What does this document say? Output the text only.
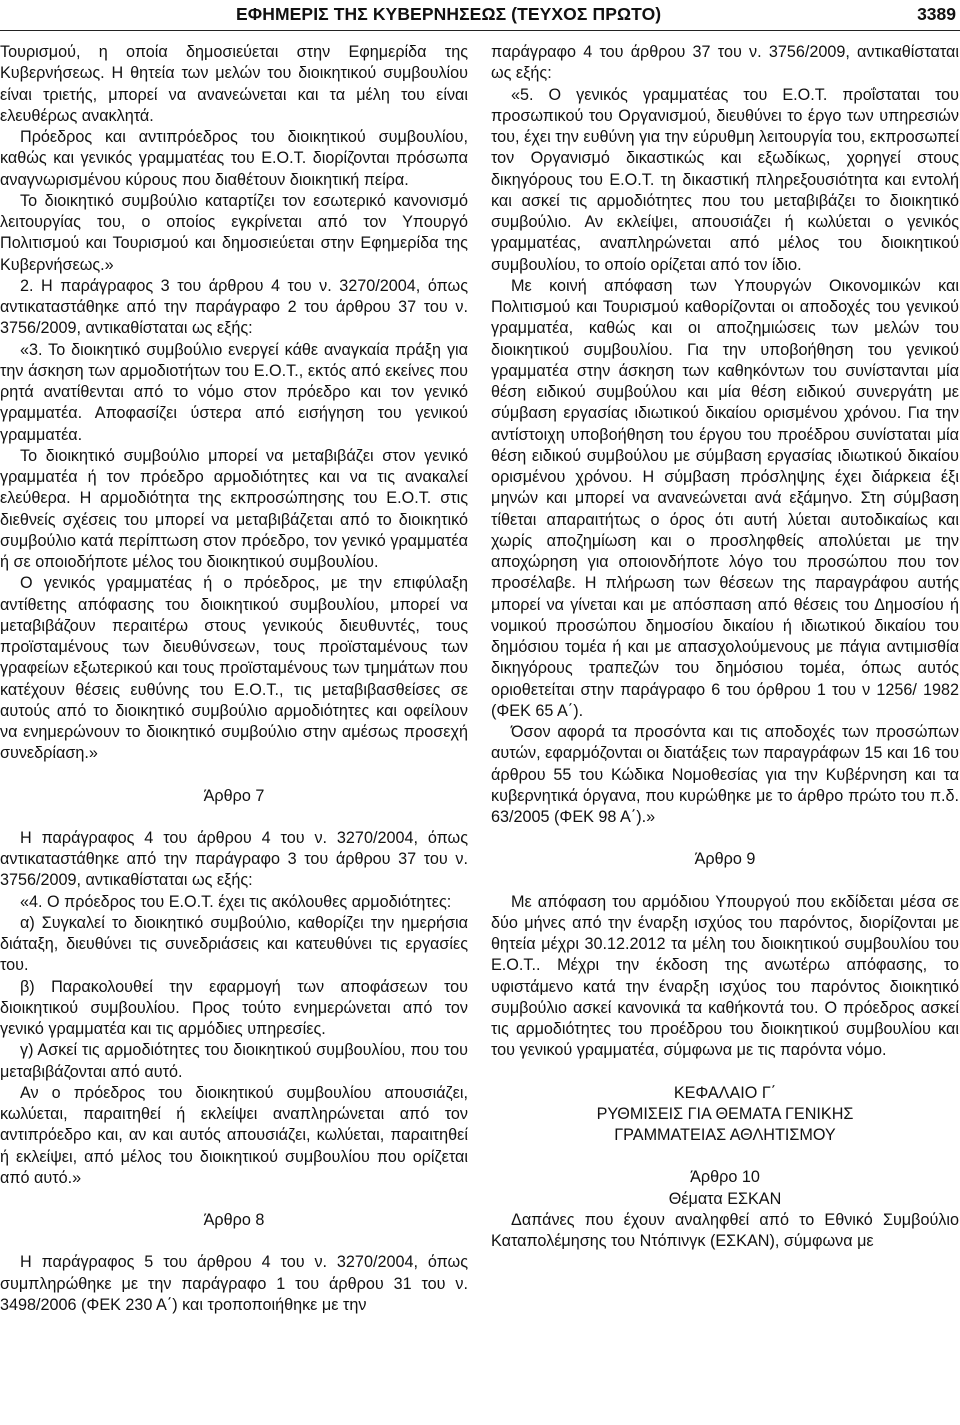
ΕΦΗΜΕΡΙΣ ΤΗΣ ΚΥΒΕΡΝΗΣΕΩΣ (ΤΕΥΧΟΣ ΠΡΩΤΟ)	3389

Τουρισμού, η οποία δημοσιεύεται στην Εφημερίδα της Κυβερνήσεως. Η θητεία των μελών του διοικητικού συμβουλίου είναι τριετής, μπορεί να ανανεώνεται και τα μέλη του είναι ελευθέρως ανακλητά.

Πρόεδρος και αντιπρόεδρος του διοικητικού συμβουλίου, καθώς και γενικός γραμματέας του Ε.Ο.Τ. διορίζονται πρόσωπα αναγνωρισμένου κύρους που διαθέτουν διοικητική πείρα.

Το διοικητικό συμβούλιο καταρτίζει τον εσωτερικό κανονισμό λειτουργίας του, ο οποίος εγκρίνεται από τον Υπουργό Πολιτισμού και Τουρισμού και δημοσιεύεται στην Εφημερίδα της Κυβερνήσεως.»

2. Η παράγραφος 3 του άρθρου 4 του ν. 3270/2004, όπως αντικαταστάθηκε από την παράγραφο 2 του άρθρου 37 του ν. 3756/2009, αντικαθίσταται ως εξής:

«3. Το διοικητικό συμβούλιο ενεργεί κάθε αναγκαία πράξη για την άσκηση των αρμοδιοτήτων του Ε.Ο.Τ., εκτός από εκείνες που ρητά ανατίθενται από το νόμο στον πρόεδρο και τον γενικό γραμματέα. Αποφασίζει ύστερα από εισήγηση του γενικού γραμματέα.

Το διοικητικό συμβούλιο μπορεί να μεταβιβάζει στον γενικό γραμματέα ή τον πρόεδρο αρμοδιότητες και να τις ανακαλεί ελεύθερα. Η αρμοδιότητα της εκπροσώπησης του Ε.Ο.Τ. στις διεθνείς σχέσεις του μπορεί να μεταβιβάζεται από το διοικητικό συμβούλιο κατά περίπτωση στον πρόεδρο, τον γενικό γραμματέα ή σε οποιοδήποτε μέλος του διοικητικού συμβουλίου.

Ο γενικός γραμματέας ή ο πρόεδρος, με την επιφύλαξη αντίθετης απόφασης του διοικητικού συμβουλίου, μπορεί να μεταβιβάζουν περαιτέρω στους γενικούς διευθυντές, τους προϊσταμένους των διευθύνσεων, τους προϊσταμένους των γραφείων εξωτερικού και τους προϊσταμένους των τμημάτων που κατέχουν θέσεις ευθύνης του Ε.Ο.Τ., τις μεταβιβασθείσες σε αυτούς από το διοικητικό συμβούλιο αρμοδιότητες και οφείλουν να ενημερώνουν το διοικητικό συμβούλιο στην αμέσως προσεχή συνεδρίαση.»

Άρθρο 7

Η παράγραφος 4 του άρθρου 4 του ν. 3270/2004, όπως αντικαταστάθηκε από την παράγραφο 3 του άρθρου 37 του ν. 3756/2009, αντικαθίσταται ως εξής:

«4. Ο πρόεδρος του Ε.Ο.Τ. έχει τις ακόλουθες αρμοδιότητες:

α) Συγκαλεί το διοικητικό συμβούλιο, καθορίζει την ημερήσια διάταξη, διευθύνει τις συνεδριάσεις και κατευθύνει τις εργασίες του.

β) Παρακολουθεί την εφαρμογή των αποφάσεων του διοικητικού συμβουλίου. Προς τούτο ενημερώνεται από τον γενικό γραμματέα και τις αρμόδιες υπηρεσίες.

γ) Ασκεί τις αρμοδιότητες του διοικητικού συμβουλίου, που του μεταβιβάζονται από αυτό.

Αν ο πρόεδρος του διοικητικού συμβουλίου απουσιάζει, κωλύεται, παραιτηθεί ή εκλείψει αναπληρώνεται από τον αντιπρόεδρο και, αν και αυτός απουσιάζει, κωλύεται, παραιτηθεί ή εκλείψει, από μέλος του διοικητικού συμβουλίου που ορίζεται από αυτό.»

Άρθρο 8

Η παράγραφος 5 του άρθρου 4 του ν. 3270/2004, όπως συμπληρώθηκε με την παράγραφο 1 του άρθρου 31 του ν. 3498/2006 (ΦΕΚ 230 Α΄) και τροποποιήθηκε με την

παράγραφο 4 του άρθρου 37 του ν. 3756/2009, αντικαθίσταται ως εξής:

«5. Ο γενικός γραμματέας του Ε.Ο.Τ. προΐσταται του προσωπικού του Οργανισμού, διευθύνει το έργο των υπηρεσιών του, έχει την ευθύνη για την εύρυθμη λειτουργία του, εκπροσωπεί τον Οργανισμό δικαστικώς και εξωδίκως, χορηγεί στους δικηγόρους του Ε.Ο.Τ. τη δικαστική πληρεξουσιότητα και εντολή και ασκεί τις αρμοδιότητες που του μεταβιβάζει το διοικητικό συμβούλιο. Αν εκλείψει, απουσιάζει ή κωλύεται ο γενικός γραμματέας, αναπληρώνεται από μέλος του διοικητικού συμβουλίου, το οποίο ορίζεται από τον ίδιο.

Με κοινή απόφαση των Υπουργών Οικονομικών και Πολιτισμού και Τουρισμού καθορίζονται οι αποδοχές του γενικού γραμματέα, καθώς και οι αποζημιώσεις των μελών του διοικητικού συμβουλίου. Για την υποβοήθηση του γενικού γραμματέα στην άσκηση των καθηκόντων του συνίστανται μία θέση ειδικού συμβούλου και μία θέση ειδικού συνεργάτη με σύμβαση εργασίας ιδιωτικού δικαίου ορισμένου χρόνου. Για την αντίστοιχη υποβοήθηση του έργου του προέδρου συνίσταται μία θέση ειδικού συμβούλου με σύμβαση εργασίας ιδιωτικού δικαίου ορισμένου χρόνου. Η σύμβαση πρόσληψης έχει διάρκεια έξι μηνών και μπορεί να ανανεώνεται ανά εξάμηνο. Στη σύμβαση τίθεται απαραιτήτως ο όρος ότι αυτή λύεται αυτοδικαίως και χωρίς αποζημίωση και ο προσληφθείς απολύεται με την αποχώρηση για οποιονδήποτε λόγο του προσώπου που τον προσέλαβε. Η πλήρωση των θέσεων της παραγράφου αυτής μπορεί να γίνεται και με απόσπαση από θέσεις του Δημοσίου ή νομικού προσώπου δημοσίου δικαίου ή ιδιωτικού δικαίου του δημόσιου τομέα ή και με απασχολούμενους με πάγια αντιμισθία δικηγόρους τραπεζών του δημόσιου τομέα, όπως αυτός οριοθετείται στην παράγραφο 6 του όρθρου 1 του ν 1256/ 1982 (ΦΕΚ 65 Α΄).

Όσον αφορά τα προσόντα και τις αποδοχές των προσώπων αυτών, εφαρμόζονται οι διατάξεις των παραγράφων 15 και 16 του άρθρου 55 του Κώδικα Νομοθεσίας για την Κυβέρνηση και τα κυβερνητικά όργανα, που κυρώθηκε με το άρθρο πρώτο του π.δ. 63/2005 (ΦΕΚ 98 Α΄).»

Άρθρο 9

Με απόφαση του αρμόδιου Υπουργού που εκδίδεται μέσα σε δύο μήνες από την έναρξη ισχύος του παρόντος, διορίζονται με θητεία μέχρι 30.12.2012 τα μέλη του διοικητικού συμβουλίου του Ε.Ο.Τ.. Μέχρι την έκδοση της ανωτέρω απόφασης, το υφιστάμενο κατά την έναρξη ισχύος του παρόντος διοικητικό συμβούλιο ασκεί κανονικά τα καθήκοντά του. Ο πρόεδρος ασκεί τις αρμοδιότητες του προέδρου του διοικητικού συμβουλίου και του γενικού γραμματέα, σύμφωνα με τις παρόντα νόμο.

ΚΕΦΑΛΑΙΟ Γ΄

ΡΥΘΜΙΣΕΙΣ ΓΙΑ ΘΕΜΑΤΑ ΓΕΝΙΚΗΣ

ΓΡΑΜΜΑΤΕΙΑΣ ΑΘΛΗΤΙΣΜΟΥ

Άρθρο 10

Θέματα ΕΣΚΑΝ

Δαπάνες που έχουν αναληφθεί από το Εθνικό Συμβούλιο Καταπολέμησης του Ντόπινγκ (ΕΣΚΑΝ), σύμφωνα με
